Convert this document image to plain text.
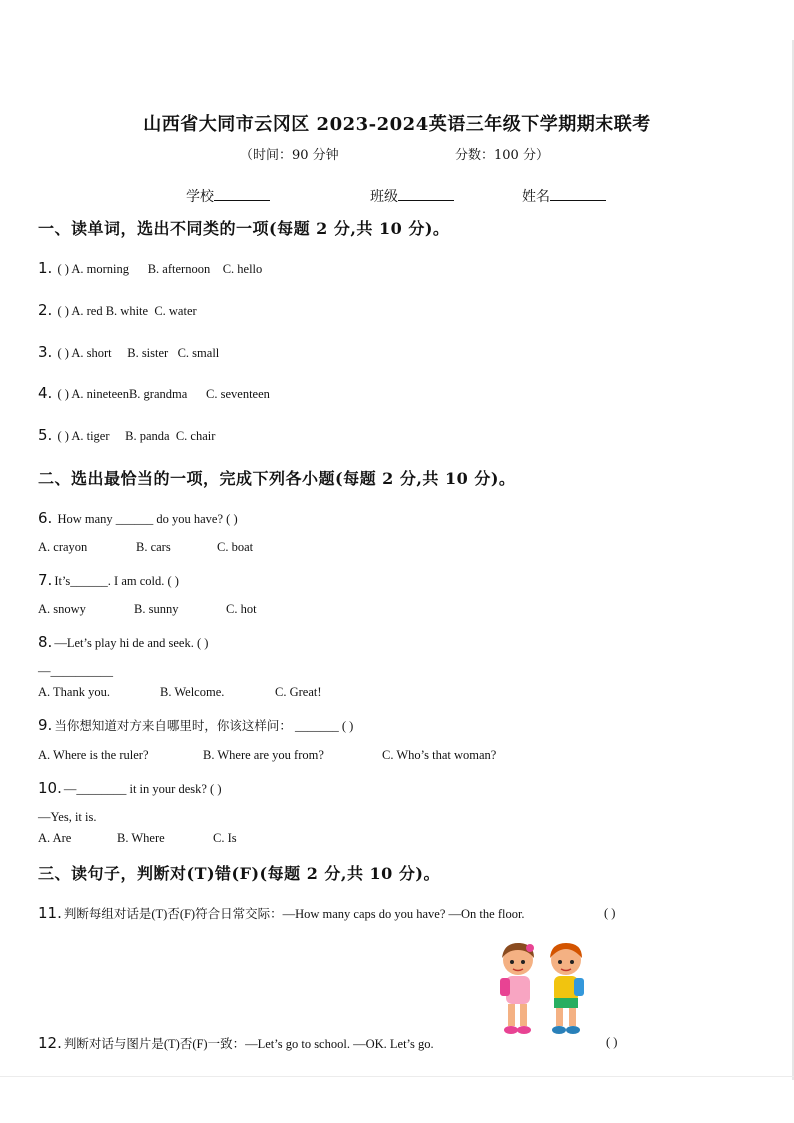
山西省大同市云冈区 2023-2024英语三年级下学期期末联考
（时间：90 分钟	分数：100 分）
学校	班级	姓名
一、读单词，选出不同类的一项(每题 2 分,共 10 分)。
1. ( ) A. morning B. afternoon C. hello
2. ( ) A. red B. white C. water
3. ( ) A. short B. sister C. small
4. ( ) A. nineteenB. grandma C. seventeen
5. ( ) A. tiger B. panda C. chair
二、选出最恰当的一项，完成下列各小题(每题 2 分,共 10 分)。
6. How many ______ do you have? ( )
A. crayon	B. cars	C. boat
7. It’s______. I am cold. ( )
A. snowy	B. sunny	C. hot
8. —Let’s play hi de and seek. ( )
—__________
A. Thank you.	B. Welcome.	C. Great!
9. 当你想知道对方来自哪里时，你该这样问： _______ ( )
A. Where is the ruler?	B. Where are you from?	C. Who’s that woman?
10. —________ it in your desk? ( )
—Yes, it is.
A. Are	B. Where	C. Is
三、读句子，判断对(T)错(F)(每题 2 分,共 10 分)。
11. 判断每组对话是(T)否(F)符合日常交际：—How many caps do you have? —On the floor.	( )
12. 判断对话与图片是(T)否(F)一致：—Let’s go to school. —OK. Let’s go.	( )
